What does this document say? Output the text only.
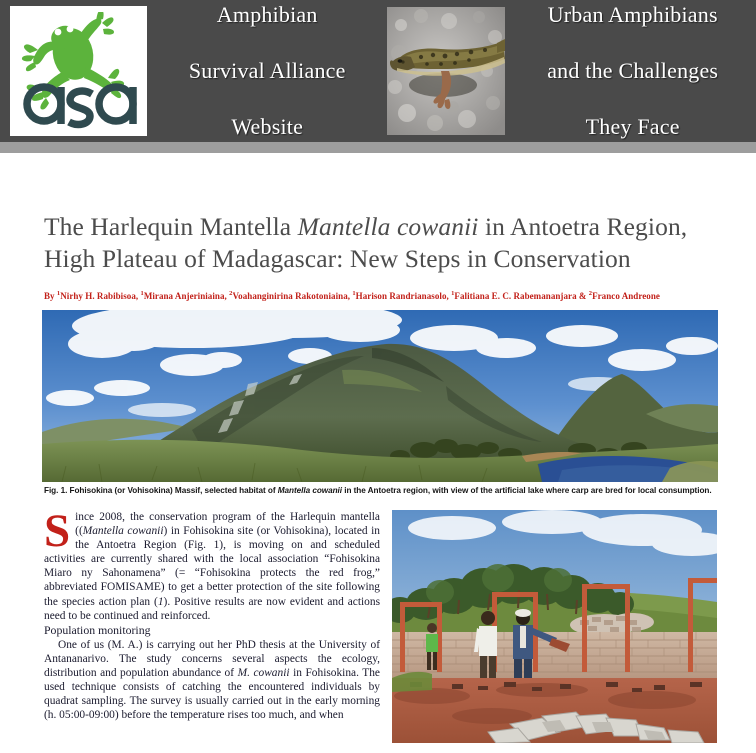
Amphibian

Survival Alliance

Website
Urban Amphibians

and the Challenges

They Face
The Harlequin Mantella Mantella cowanii in Antoetra Region, High Plateau of Madagascar: New Steps in Conservation
By $^1$Nirhy H. Rabibisoa, $^1$Mirana Anjeriniaina, $^2$Voahanginirina Rakotoniaina, $^1$Harison Randrianasolo, $^1$Falitiana E. C. Rabemananjara & $^2$Franco Andreone
Fig. 1. Fohisokina (or Vohisokina) Massif, selected habitat of Mantella cowanii in the Antoetra region, with view of the artificial lake where carp are bred for local consumption.

Since 2008, the conservation program of the Harlequin mantella ((Mantella cowanii) in Fohisokina site (or Vohisokina), located in the Antoetra Region (Fig. 1), is moving on and scheduled activities are currently shared with the local association “Fohisokina Miaro ny Sahonamena” (= “Fohisokina protects the red frog,” abbreviated FOMISAME) to get a better protection of the site following the species action plan (1). Positive results are now evident and actions need to be continued and reinforced.

Population monitoring

One of us (M. A.) is carrying out her PhD thesis at the University of Antananarivo. The study concerns several aspects the ecology, distribution and population abundance of M. cowanii in Fohisokina. The used technique consists of catching the encountered individuals by quadrat sampling. The survey is usually carried out in the early morning (h. 05:00-09:00) before the temperature rises too much, and when
